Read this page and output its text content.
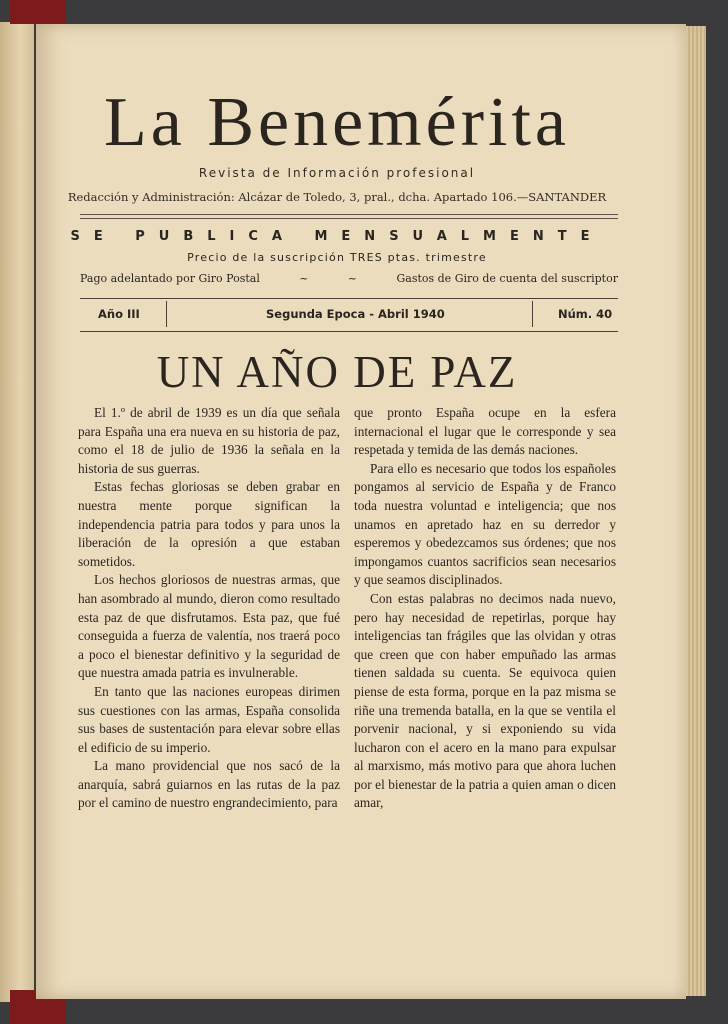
La Benemérita
Revista de Información profesional
Redacción y Administración: Alcázar de Toledo, 3, pral., dcha. Apartado 106.—SANTANDER
SE PUBLICA MENSUALMENTE
Precio de la suscripción TRES ptas. trimestre
Pago adelantado por Giro Postal	~	~	Gastos de Giro de cuenta del suscriptor
Año III	Segunda Epoca - Abril 1940	Núm. 40
UN AÑO DE PAZ

El 1.º de abril de 1939 es un día que señala para España una era nueva en su historia de paz, como el 18 de julio de 1936 la señala en la historia de sus guerras.

Estas fechas gloriosas se deben grabar en nuestra mente porque significan la independencia patria para todos y para unos la liberación de la opresión a que estaban sometidos.

Los hechos gloriosos de nuestras armas, que han asombrado al mundo, dieron como resultado esta paz de que disfrutamos. Esta paz, que fué conseguida a fuerza de valentía, nos traerá poco a poco el bienestar definitivo y la seguridad de que nuestra amada patria es invulnerable.

En tanto que las naciones europeas dirimen sus cuestiones con las armas, España consolida sus bases de sustentación para elevar sobre ellas el edificio de su imperio.

La mano providencial que nos sacó de la anarquía, sabrá guiarnos en las rutas de la paz por el camino de nuestro engrandecimiento, para

que pronto España ocupe en la esfera internacional el lugar que le corresponde y sea respetada y temida de las demás naciones.

Para ello es necesario que todos los españoles pongamos al servicio de España y de Franco toda nuestra voluntad e inteligencia; que nos unamos en apretado haz en su derredor y esperemos y obedezcamos sus órdenes; que nos impongamos cuantos sacrificios sean necesarios y que seamos disciplinados.

Con estas palabras no decimos nada nuevo, pero hay necesidad de repetirlas, porque hay inteligencias tan frágiles que las olvidan y otras que creen que con haber empuñado las armas tienen saldada su cuenta. Se equivoca quien piense de esta forma, porque en la paz misma se riñe una tremenda batalla, en la que se ventila el porvenir nacional, y si exponiendo su vida lucharon con el acero en la mano para expulsar al marxismo, más motivo para que ahora luchen por el bienestar de la patria a quien aman o dicen amar,
